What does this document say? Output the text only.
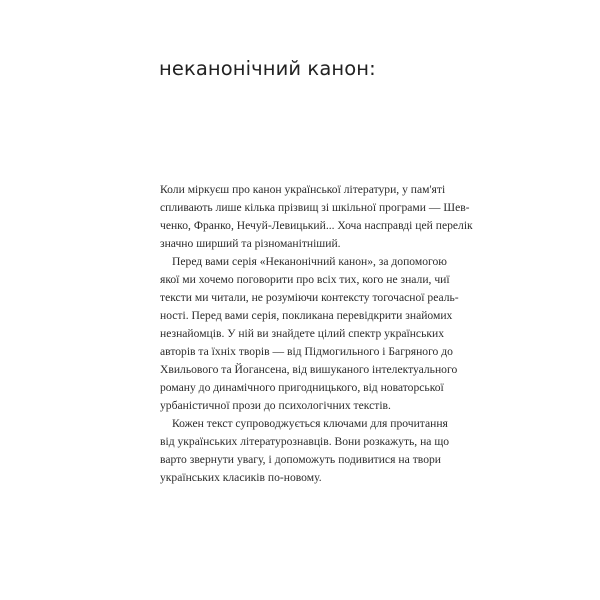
неканонічний канон:

Коли міркуєш про канон української літератури, у пам'яті
спливають лише кілька прізвищ зі шкільної програми — Шев-
ченко, Франко, Нечуй-Левицький... Хоча насправді цей перелік
значно ширший та різноманітніший.

Перед вами серія «Неканонічний канон», за допомогою
якої ми хочемо поговорити про всіх тих, кого не знали, чиї
тексти ми читали, не розуміючи контексту тогочасної реаль-
ності. Перед вами серія, покликана перевідкрити знайомих
незнайомців. У ній ви знайдете цілий спектр українських
авторів та їхніх творів — від Підмогильного і Багряного до
Хвильового та Йогансена, від вишуканого інтелектуального
роману до динамічного пригодницького, від новаторської
урбаністичної прози до психологічних текстів.

Кожен текст супроводжується ключами для прочитання
від українських літературознавців. Вони розкажуть, на що
варто звернути увагу, і допоможуть подивитися на твори
українських класиків по-новому.
